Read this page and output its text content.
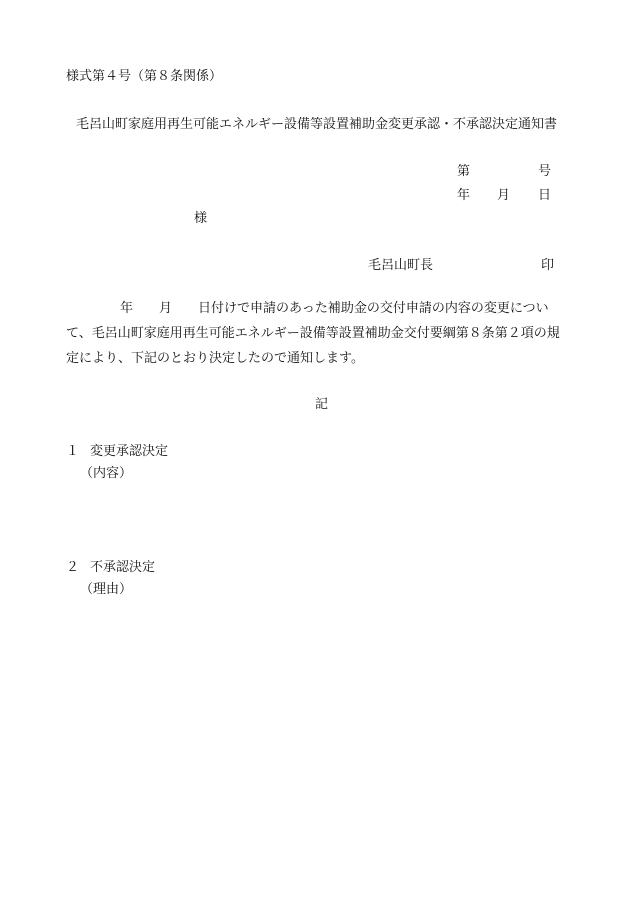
様式第４号（第８条関係）
毛呂山町家庭用再生可能エネルギー設備等設置補助金変更承認・不承認決定通知書
第	号
年 月 日
様
毛呂山町長	印
年　　月　　日付けで申請のあった補助金の交付申請の内容の変更につい
て、毛呂山町家庭用再生可能エネルギー設備等設置補助金交付要綱第８条第２項の規
定により、下記のとおり決定したので通知します。
記
１ 変更承認決定
（内容）
２ 不承認決定
（理由）
